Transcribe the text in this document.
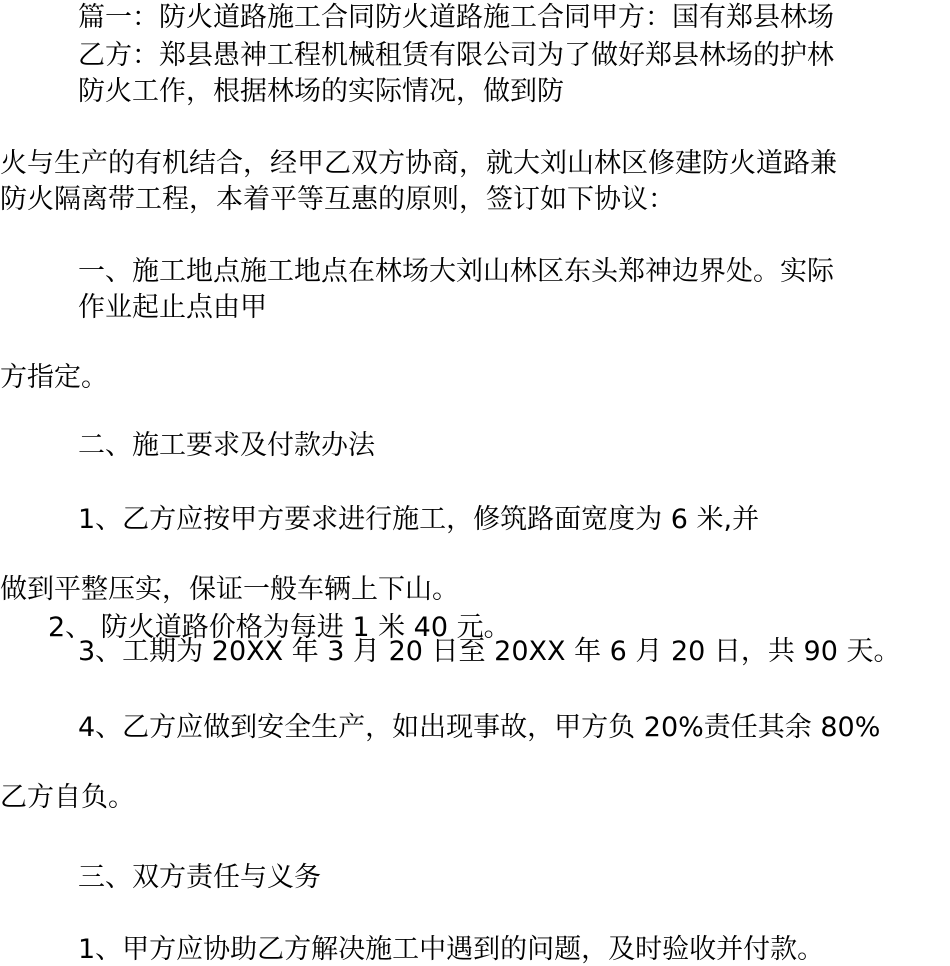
篇一：防火道路施工合同防火道路施工合同甲方：国有郑县林场
乙方：郑县愚神工程机械租赁有限公司为了做好郑县林场的护林
防火工作，根据林场的实际情况，做到防
火与生产的有机结合，经甲乙双方协商，就大刘山林区修建防火道路兼
防火隔离带工程，本着平等互惠的原则，签订如下协议：
一、施工地点施工地点在林场大刘山林区东头郑神边界处。实际
作业起止点由甲
方指定。
二、施工要求及付款办法
1、乙方应按甲方要求进行施工，修筑路面宽度为 6 米,并
做到平整压实，保证一般车辆上下山。
2、 防火道路价格为每进 1 米 40 元。
3、工期为 20XX 年 3 月 20 日至 20XX 年 6 月 20 日，共 90 天。
4、乙方应做到安全生产，如出现事故，甲方负 20%责任其余 80%
乙方自负。
三、双方责任与义务
1、甲方应协助乙方解决施工中遇到的问题，及时验收并付款。
